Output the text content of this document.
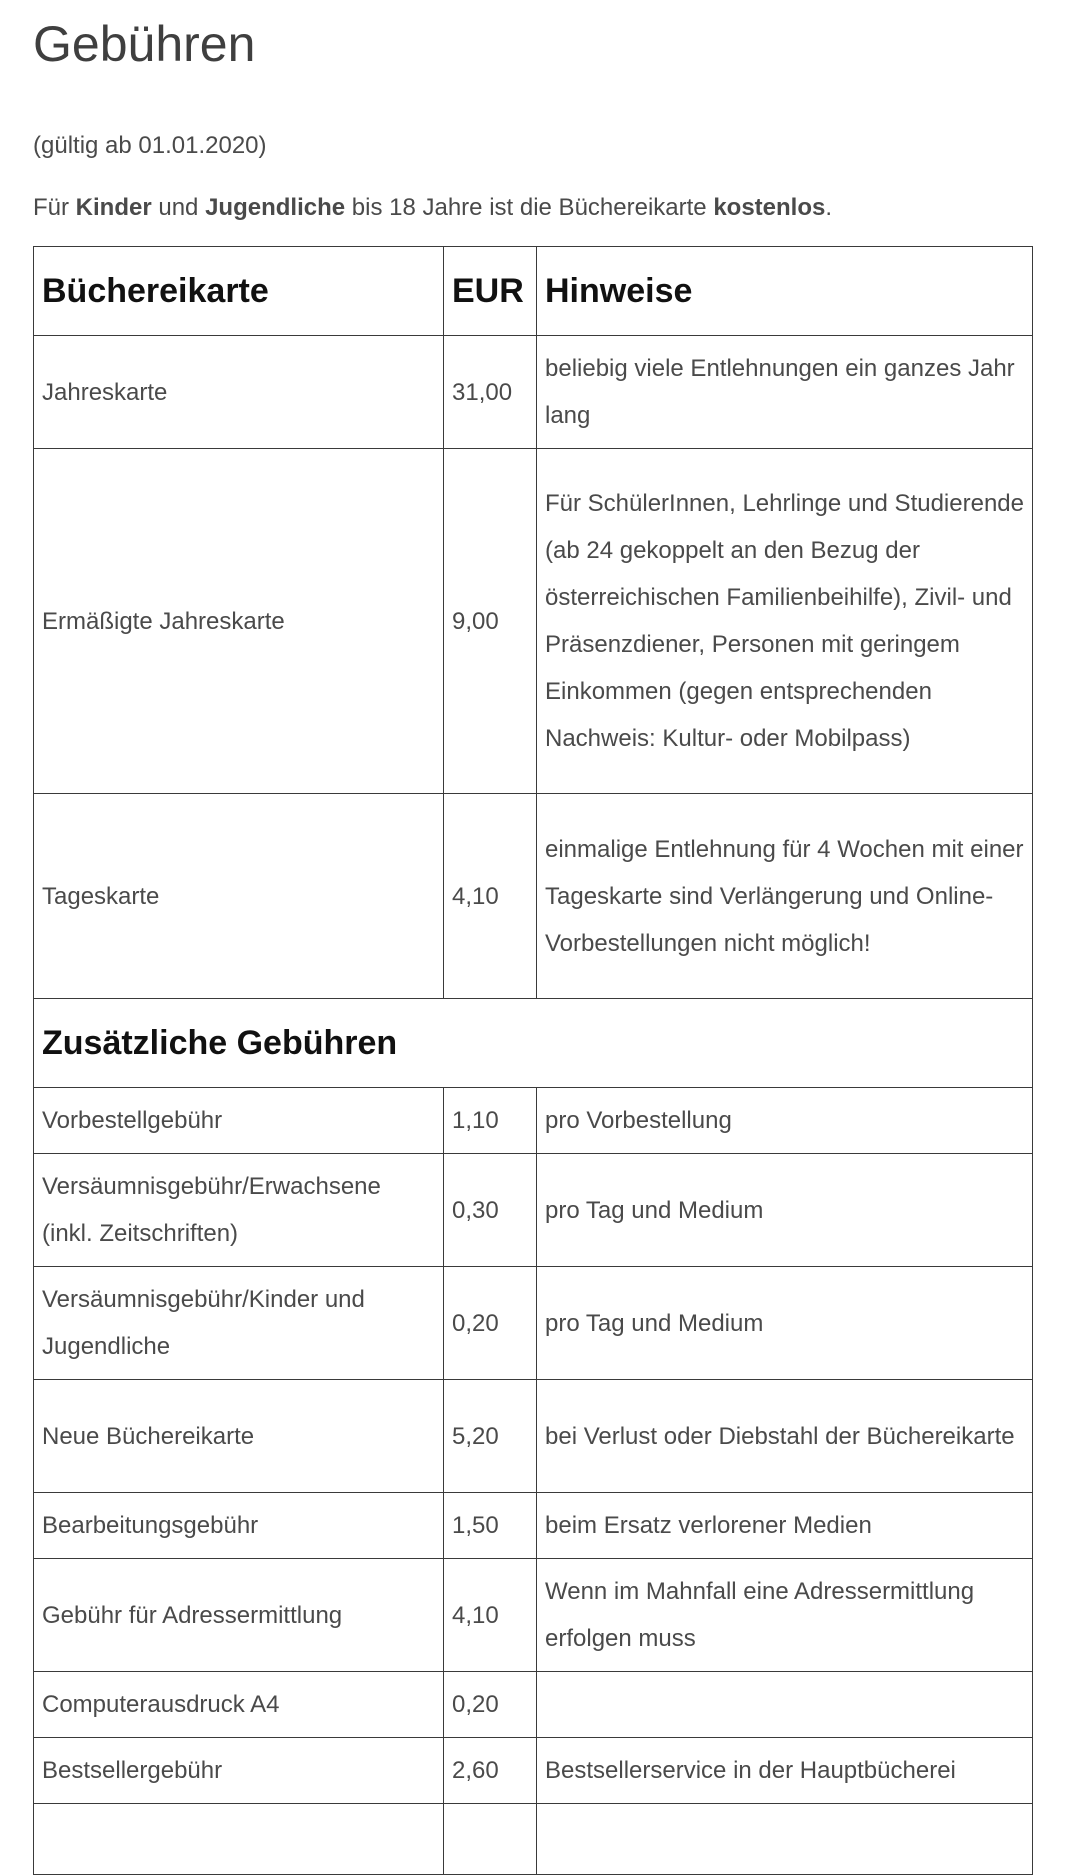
Gebühren

(gültig ab 01.01.2020)

Für Kinder und Jugendliche bis 18 Jahre ist die Büchereikarte kostenlos.

Büchereikarte	EUR	Hinweise
Jahreskarte	31,00	beliebig viele Entlehnungen ein ganzes Jahr lang
Ermäßigte Jahreskarte	9,00	Für SchülerInnen, Lehrlinge und Studierende (ab 24 gekoppelt an den Bezug der österreichischen Familienbeihilfe), Zivil- und Präsenzdiener, Personen mit geringem Einkommen (gegen entsprechenden Nachweis: Kultur- oder Mobilpass)
Tageskarte	4,10	einmalige Entlehnung für 4 Wochen mit einer Tageskarte sind Verlängerung und Online-Vorbestellungen nicht möglich!
Zusätzliche Gebühren		
Vorbestellgebühr	1,10	pro Vorbestellung
Versäumnisgebühr/Erwachsene (inkl. Zeitschriften)	0,30	pro Tag und Medium
Versäumnisgebühr/Kinder und Jugendliche	0,20	pro Tag und Medium
Neue Büchereikarte	5,20	bei Verlust oder Diebstahl der Büchereikarte
Bearbeitungsgebühr	1,50	beim Ersatz verlorener Medien
Gebühr für Adressermittlung	4,10	Wenn im Mahnfall eine Adressermittlung erfolgen muss
Computerausdruck A4	0,20	
Bestsellergebühr	2,60	Bestsellerservice in der Hauptbücherei
